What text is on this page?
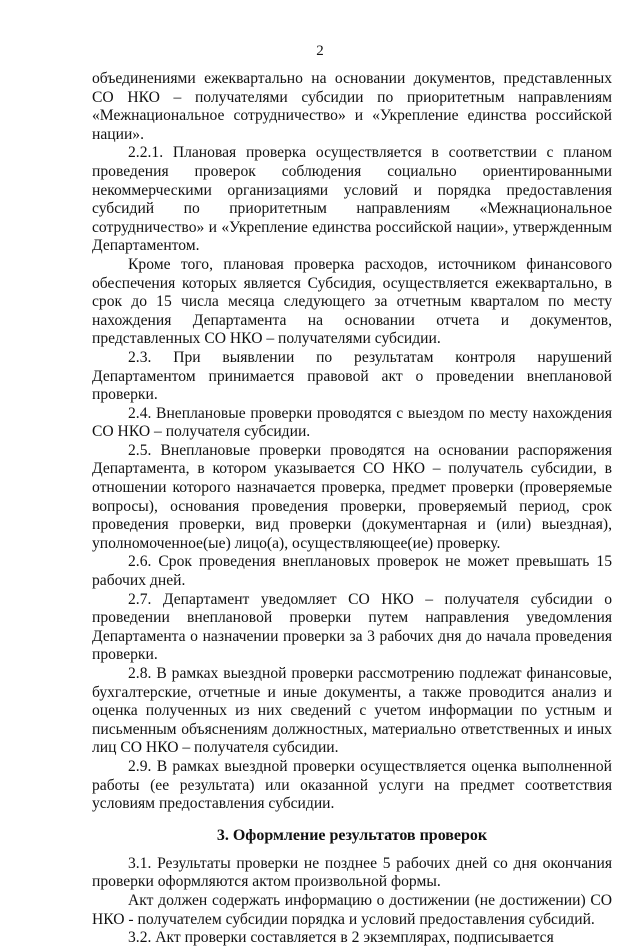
2

объединениями ежеквартально на основании документов, представленных СО НКО – получателями субсидии по приоритетным направлениям «Межнациональное сотрудничество» и «Укрепление единства российской нации».

2.2.1. Плановая проверка осуществляется в соответствии с планом проведения проверок соблюдения социально ориентированными некоммерческими организациями условий и порядка предоставления субсидий по приоритетным направлениям «Межнациональное сотрудничество» и «Укрепление единства российской нации», утвержденным Департаментом.

Кроме того, плановая проверка расходов, источником финансового обеспечения которых является Субсидия, осуществляется ежеквартально, в срок до 15 числа месяца следующего за отчетным кварталом по месту нахождения Департамента на основании отчета и документов, представленных СО НКО – получателями субсидии.

2.3. При выявлении по результатам контроля нарушений Департаментом принимается правовой акт о проведении внеплановой проверки.

2.4. Внеплановые проверки проводятся с выездом по месту нахождения СО НКО – получателя субсидии.

2.5. Внеплановые проверки проводятся на основании распоряжения Департамента, в котором указывается СО НКО – получатель субсидии, в отношении которого назначается проверка, предмет проверки (проверяемые вопросы), основания проведения проверки, проверяемый период, срок проведения проверки, вид проверки (документарная и (или) выездная), уполномоченное(ые) лицо(а), осуществляющее(ие) проверку.

2.6. Срок проведения внеплановых проверок не может превышать 15 рабочих дней.

2.7. Департамент уведомляет СО НКО – получателя субсидии о проведении внеплановой проверки путем направления уведомления Департамента о назначении проверки за 3 рабочих дня до начала проведения проверки.

2.8. В рамках выездной проверки рассмотрению подлежат финансовые, бухгалтерские, отчетные и иные документы, а также проводится анализ и оценка полученных из них сведений с учетом информации по устным и письменным объяснениям должностных, материально ответственных и иных лиц СО НКО – получателя субсидии.

2.9. В рамках выездной проверки осуществляется оценка выполненной работы (ее результата) или оказанной услуги на предмет соответствия условиям предоставления субсидии.

3. Оформление результатов проверок

3.1. Результаты проверки не позднее 5 рабочих дней со дня окончания проверки оформляются актом произвольной формы.

Акт должен содержать информацию о достижении (не достижении) СО НКО - получателем субсидии порядка и условий предоставления субсидий.

3.2. Акт проверки составляется в 2 экземплярах, подписывается
